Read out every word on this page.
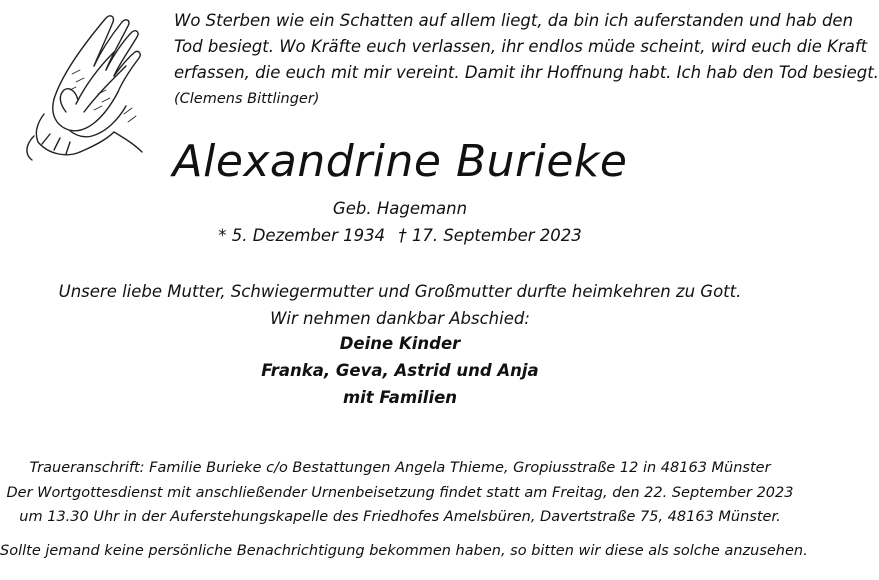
Wo Sterben wie ein Schatten auf allem liegt, da bin ich auferstanden und hab den
Tod besiegt. Wo Kräfte euch verlassen, ihr endlos müde scheint, wird euch die Kraft
erfassen, die euch mit mir vereint. Damit ihr Hoffnung habt. Ich hab den Tod besiegt.
(Clemens Bittlinger)
Alexandrine Burieke
Geb. Hagemann
* 5. Dezember 1934 † 17. September 2023
Unsere liebe Mutter, Schwiegermutter und Großmutter durfte heimkehren zu Gott.
Wir nehmen dankbar Abschied:
Deine Kinder
Franka, Geva, Astrid und Anja
mit Familien
Traueranschrift: Familie Burieke c/o Bestattungen Angela Thieme, Gropiusstraße 12 in 48163 Münster
Der Wortgottesdienst mit anschließender Urnenbeisetzung findet statt am Freitag, den 22. September 2023
um 13.30 Uhr in der Auferstehungskapelle des Friedhofes Amelsbüren, Davertstraße 75, 48163 Münster.
Sollte jemand keine persönliche Benachrichtigung bekommen haben, so bitten wir diese als solche anzusehen.
